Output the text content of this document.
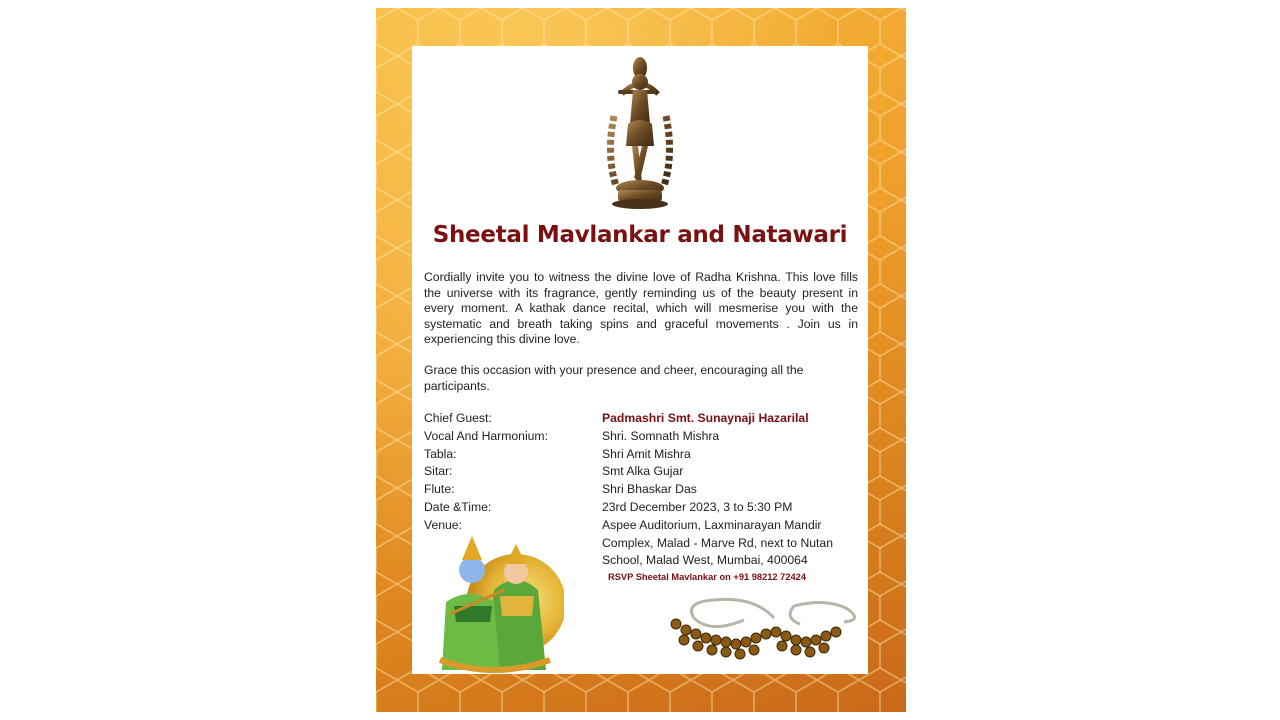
Sheetal Mavlankar and Natawari

Cordially invite you to witness the divine love of Radha Krishna. This love fills the universe with its fragrance, gently reminding us of the beauty present in every moment. A kathak dance recital, which will mesmerise you with the systematic and breath taking spins and graceful movements . Join us in experiencing this divine love.

Grace this occasion with your presence and cheer, encouraging all the participants.

Chief Guest:	Padmashri Smt. Sunaynaji Hazarilal
Vocal And Harmonium:	Shri. Somnath Mishra
Tabla:	Shri Amit Mishra
Sitar:	Smt Alka Gujar
Flute:	Shri Bhaskar Das
Date &Time:	23rd December 2023, 3 to 5:30 PM
Venue:	Aspee Auditorium, Laxminarayan Mandir Complex, Malad - Marve Rd, next to Nutan School, Malad West, Mumbai, 400064

RSVP Sheetal Mavlankar on +91 98212 72424
